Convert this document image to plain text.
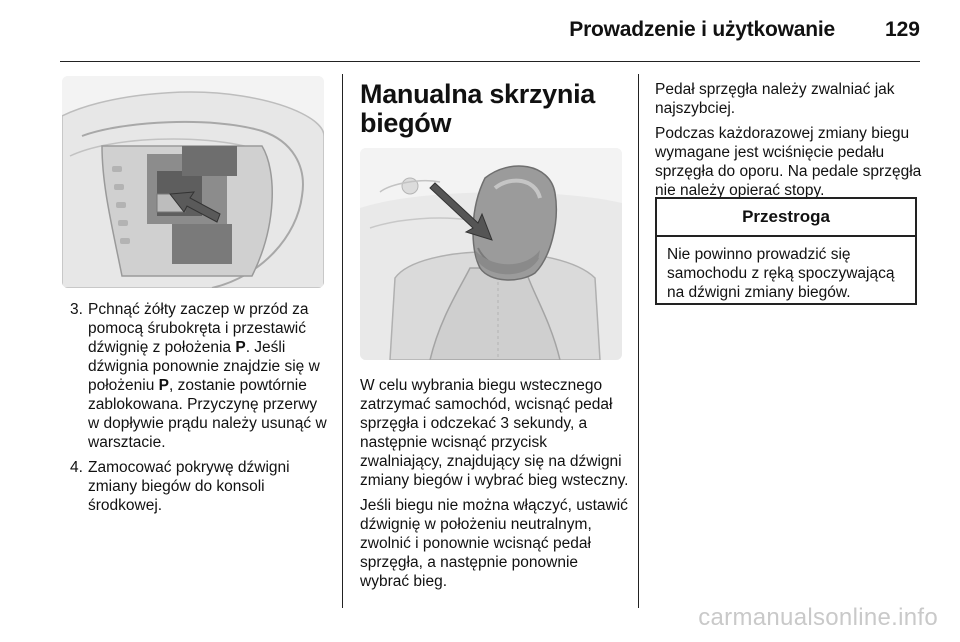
Prowadzenie i użytkowanie 129
3. Pchnąć żółty zaczep w przód za pomocą śrubokręta i przestawić dźwignię z położenia P. Jeśli dźwignia ponownie znajdzie się w położeniu P, zostanie powtórnie zablokowana. Przyczynę przerwy w dopływie prądu należy usunąć w warsztacie.
4. Zamocować pokrywę dźwigni zmiany biegów do konsoli środkowej.
Manualna skrzynia biegów

W celu wybrania biegu wstecznego zatrzymać samochód, wcisnąć pedał sprzęgła i odczekać 3 sekundy, a następnie wcisnąć przycisk zwalniający, znajdujący się na dźwigni zmiany biegów i wybrać bieg wsteczny.

Jeśli biegu nie można włączyć, ustawić dźwignię w położeniu neutralnym, zwolnić i ponownie wcisnąć pedał sprzęgła, a następnie ponownie wybrać bieg.

Pedał sprzęgła należy zwalniać jak najszybciej.

Podczas każdorazowej zmiany biegu wymagane jest wciśnięcie pedału sprzęgła do oporu. Na pedale sprzęgła nie należy opierać stopy.

Przestroga
Nie powinno prowadzić się samochodu z ręką spoczywającą na dźwigni zmiany biegów.
carmanualsonline.info
